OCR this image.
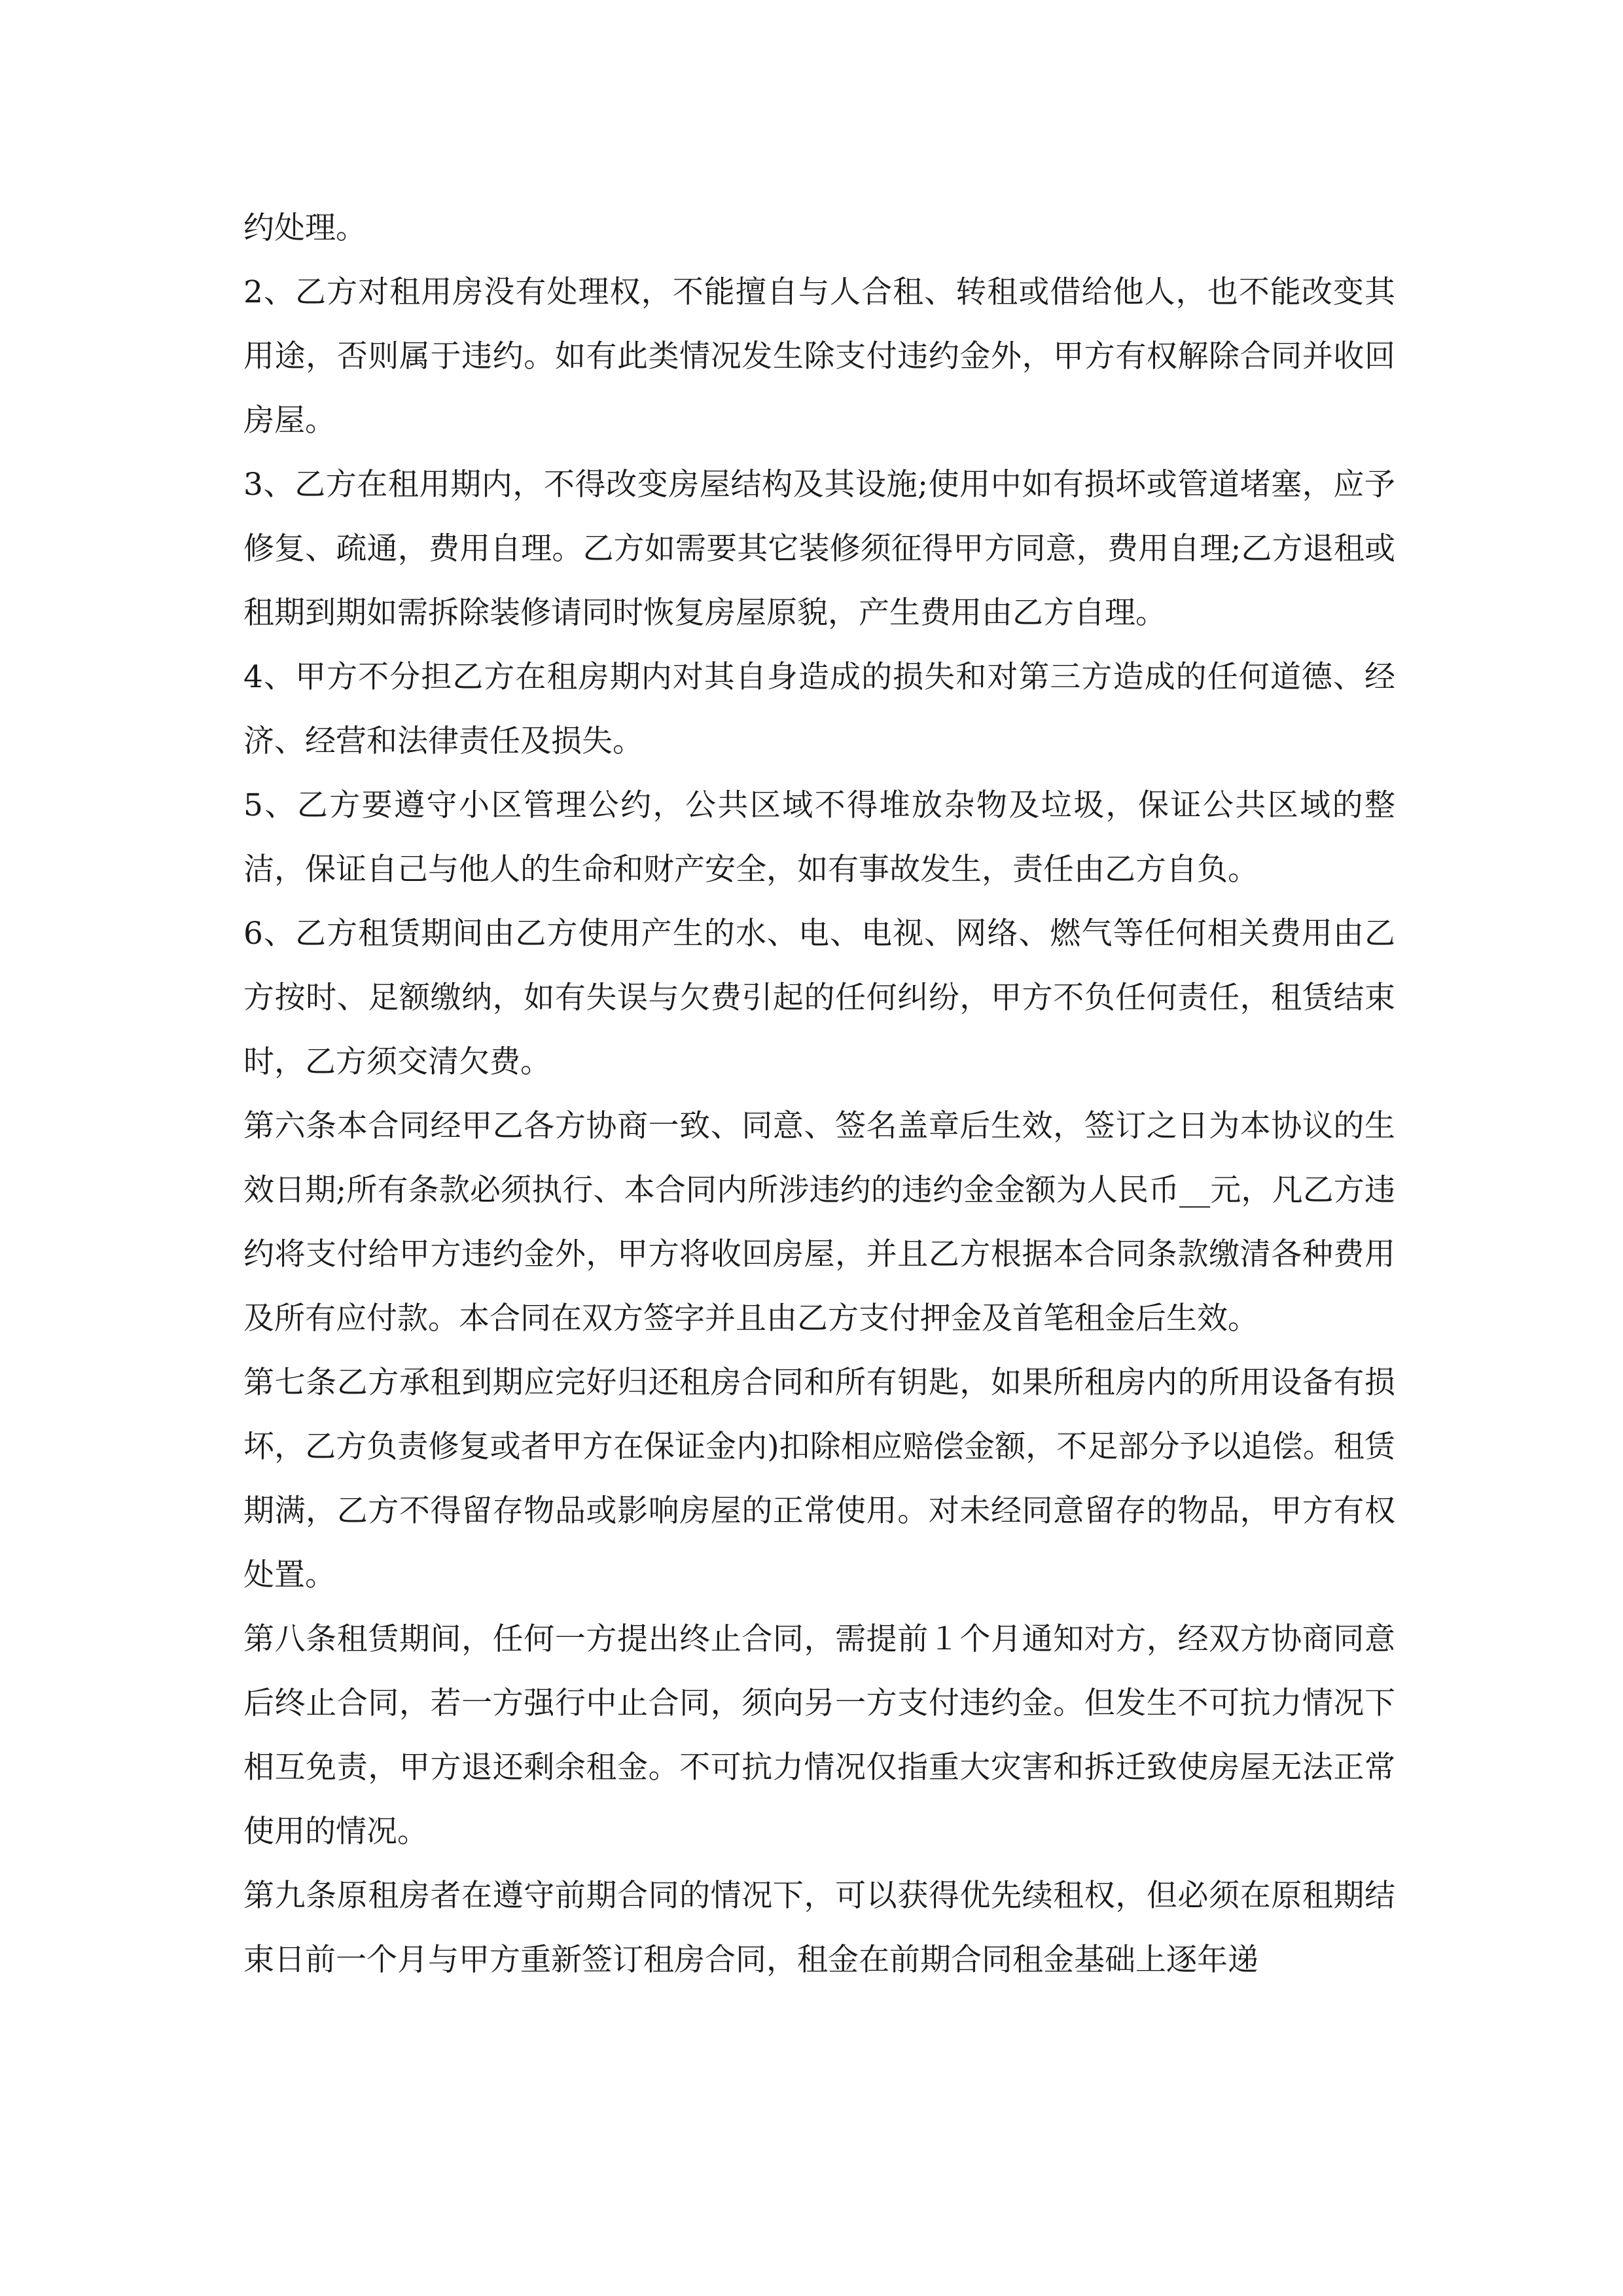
约处理。

2、乙方对租用房没有处理权，不能擅自与人合租、转租或借给他人，也不能改变其用途，否则属于违约。如有此类情况发生除支付违约金外，甲方有权解除合同并收回房屋。

3、乙方在租用期内，不得改变房屋结构及其设施;使用中如有损坏或管道堵塞，应予修复、疏通，费用自理。乙方如需要其它装修须征得甲方同意，费用自理;乙方退租或租期到期如需拆除装修请同时恢复房屋原貌，产生费用由乙方自理。

4、甲方不分担乙方在租房期内对其自身造成的损失和对第三方造成的任何道德、经济、经营和法律责任及损失。

5、乙方要遵守小区管理公约，公共区域不得堆放杂物及垃圾，保证公共区域的整洁，保证自己与他人的生命和财产安全，如有事故发生，责任由乙方自负。

6、乙方租赁期间由乙方使用产生的水、电、电视、网络、燃气等任何相关费用由乙方按时、足额缴纳，如有失误与欠费引起的任何纠纷，甲方不负任何责任，租赁结束时，乙方须交清欠费。

第六条本合同经甲乙各方协商一致、同意、签名盖章后生效，签订之日为本协议的生效日期;所有条款必须执行、本合同内所涉违约的违约金金额为人民币__元，凡乙方违约将支付给甲方违约金外，甲方将收回房屋，并且乙方根据本合同条款缴清各种费用及所有应付款。本合同在双方签字并且由乙方支付押金及首笔租金后生效。

第七条乙方承租到期应完好归还租房合同和所有钥匙，如果所租房内的所用设备有损坏，乙方负责修复或者甲方在保证金内)扣除相应赔偿金额，不足部分予以追偿。租赁期满，乙方不得留存物品或影响房屋的正常使用。对未经同意留存的物品，甲方有权处置。

第八条租赁期间，任何一方提出终止合同，需提前１个月通知对方，经双方协商同意后终止合同，若一方强行中止合同，须向另一方支付违约金。但发生不可抗力情况下相互免责，甲方退还剩余租金。不可抗力情况仅指重大灾害和拆迁致使房屋无法正常使用的情况。

第九条原租房者在遵守前期合同的情况下，可以获得优先续租权，但必须在原租期结束日前一个月与甲方重新签订租房合同，租金在前期合同租金基础上逐年递
